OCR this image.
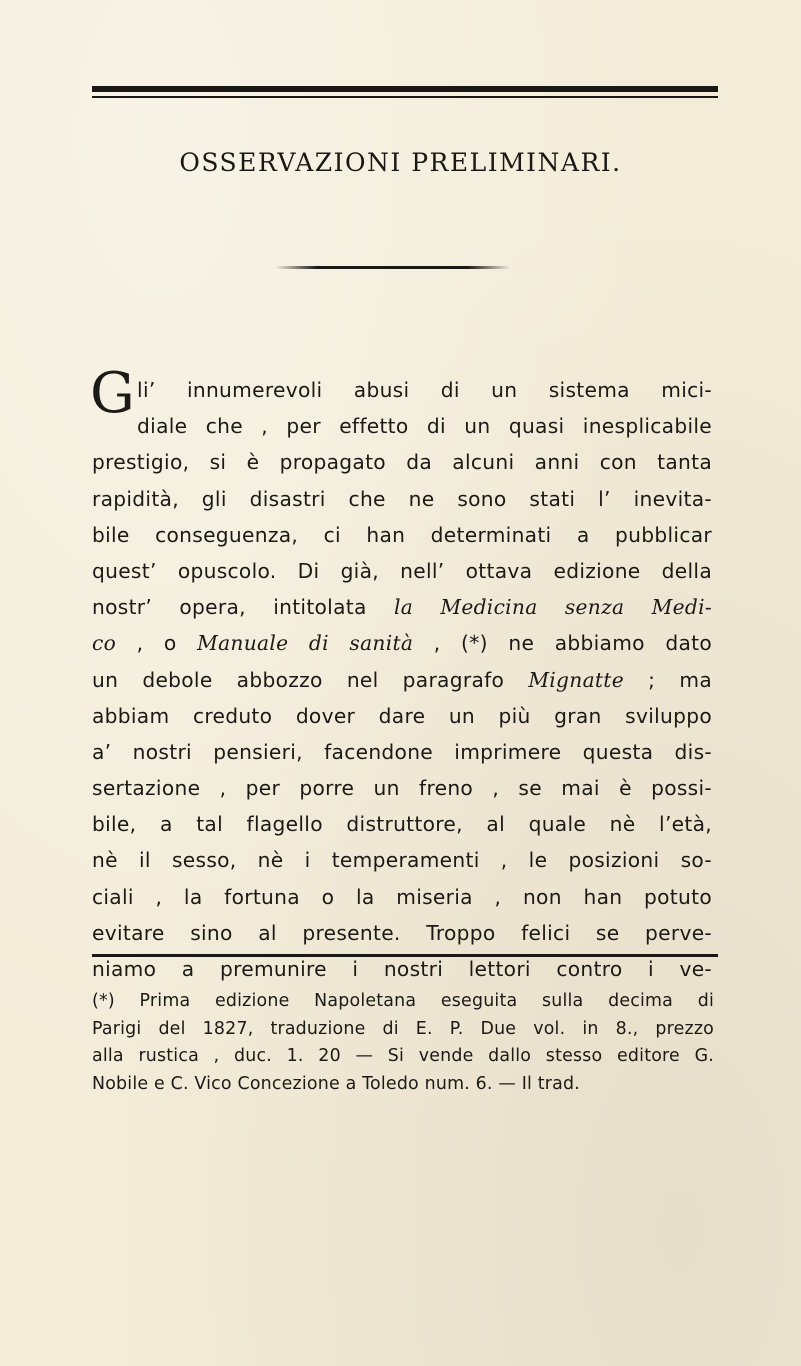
OSSERVAZIONI PRELIMINARI.
Gli’ innumerevoli abusi di un sistema mici-
diale che , per effetto di un quasi inesplicabile
prestigio, si è propagato da alcuni anni con tanta
rapidità, gli disastri che ne sono stati l’ inevita-
bile conseguenza, ci han determinati a pubblicar
quest’ opuscolo. Di già, nell’ ottava edizione della
nostr’ opera, intitolata la Medicina senza Medi-
co , o Manuale di sanità , (*) ne abbiamo dato
un debole abbozzo nel paragrafo Mignatte ; ma
abbiam creduto dover dare un più gran sviluppo
a’ nostri pensieri, facendone imprimere questa dis-
sertazione , per porre un freno , se mai è possi-
bile, a tal flagello distruttore, al quale nè l’età,
nè il sesso, nè i temperamenti , le posizioni so-
ciali , la fortuna o la miseria , non han potuto
evitare sino al presente. Troppo felici se perve-
niamo a premunire i nostri lettori contro i ve-
(*) Prima edizione Napoletana eseguita sulla decima di
Parigi del 1827, traduzione di E. P. Due vol. in 8., prezzo
alla rustica , duc. 1. 20 — Si vende dallo stesso editore G.
Nobile e C. Vico Concezione a Toledo num. 6. — Il trad.
